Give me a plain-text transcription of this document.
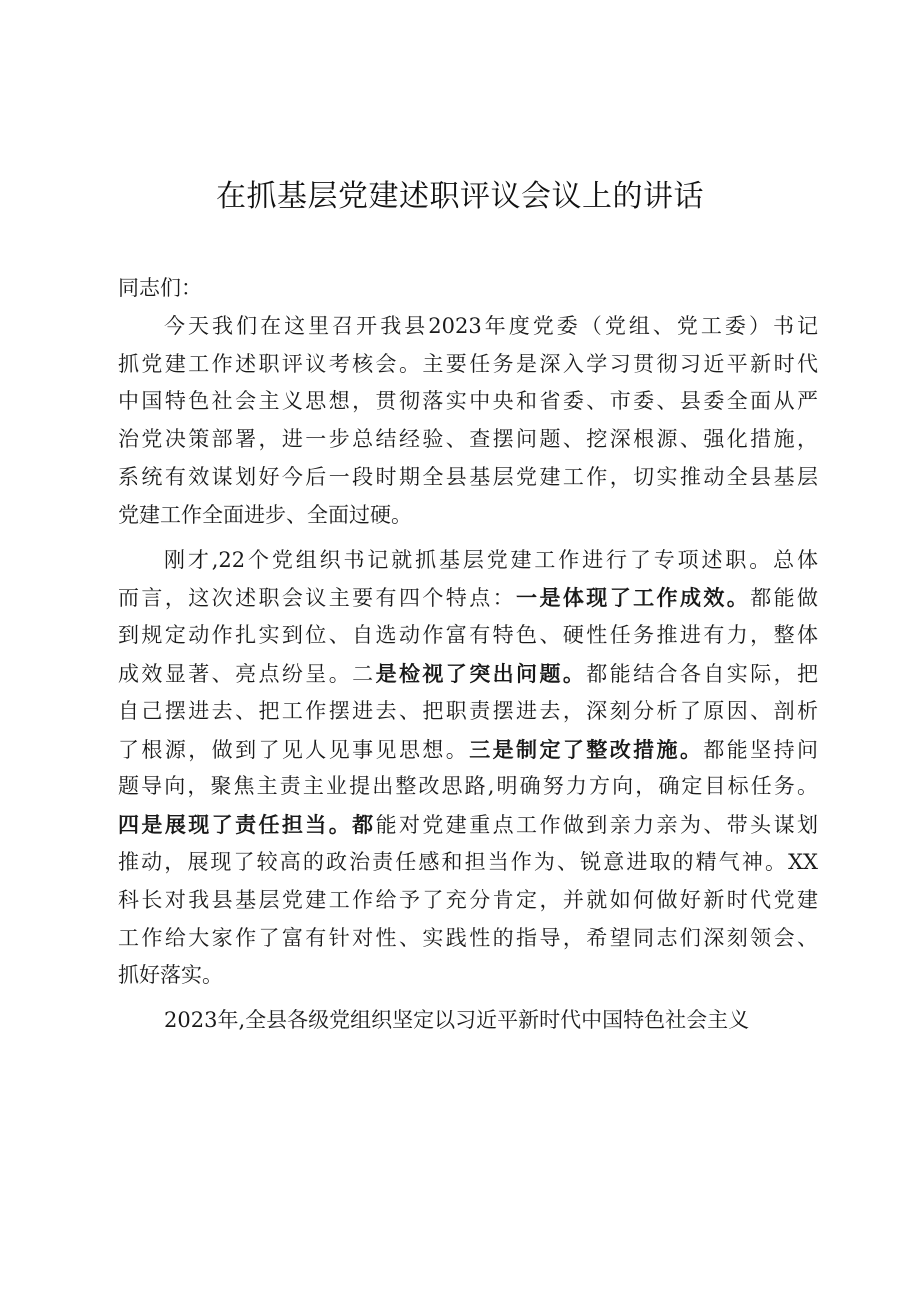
在抓基层党建述职评议会议上的讲话
同志们：
今天我们在这里召开我县2023年度党委（党组、党工委）书记
抓党建工作述职评议考核会。主要任务是深入学习贯彻习近平新时代
中国特色社会主义思想，贯彻落实中央和省委、市委、县委全面从严
治党决策部署，进一步总结经验、查摆问题、挖深根源、强化措施，
系统有效谋划好今后一段时期全县基层党建工作，切实推动全县基层
党建工作全面进步、全面过硬。
刚才,22个党组织书记就抓基层党建工作进行了专项述职。总体
而言，这次述职会议主要有四个特点：一是体现了工作成效。都能做
到规定动作扎实到位、自选动作富有特色、硬性任务推进有力，整体
成效显著、亮点纷呈。二是检视了突出问题。都能结合各自实际，把
自己摆进去、把工作摆进去、把职责摆进去，深刻分析了原因、剖析
了根源，做到了见人见事见思想。三是制定了整改措施。都能坚持问
题导向，聚焦主责主业提出整改思路,明确努力方向，确定目标任务。
四是展现了责任担当。都能对党建重点工作做到亲力亲为、带头谋划
推动，展现了较高的政治责任感和担当作为、锐意进取的精气神。XX
科长对我县基层党建工作给予了充分肯定，并就如何做好新时代党建
工作给大家作了富有针对性、实践性的指导，希望同志们深刻领会、
抓好落实。
2023年,全县各级党组织坚定以习近平新时代中国特色社会主义
